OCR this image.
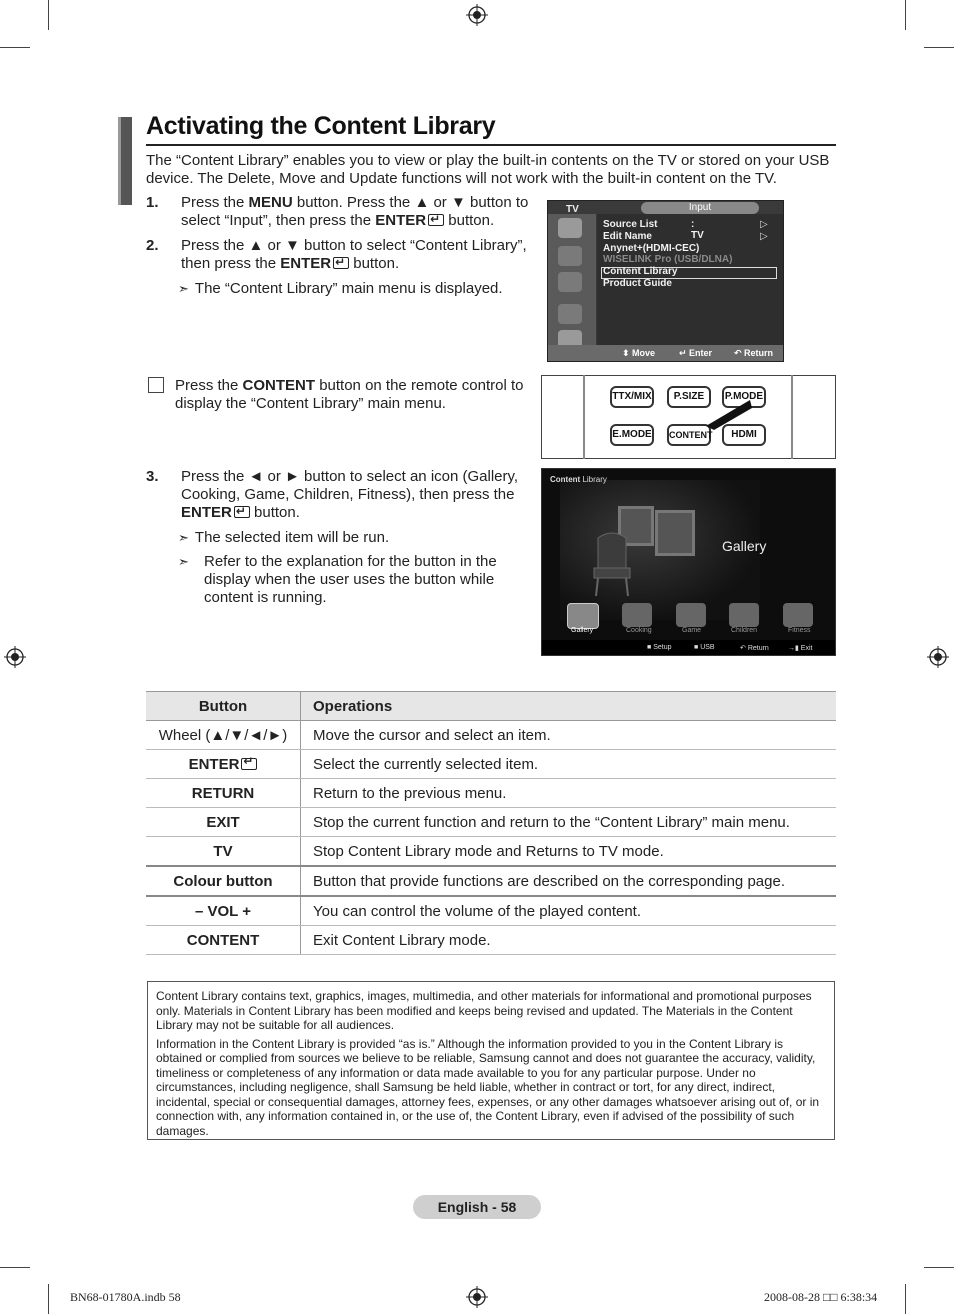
Activating the Content Library
The “Content Library” enables you to view or play the built-in contents on the TV or stored on your USB device. The Delete, Move and Update functions will not work with the built-in content on the TV.
1. Press the MENU button. Press the ▲ or ▼ button to
select “Input”, then press the ENTER↵ button.
2. Press the ▲ or ▼ button to select “Content Library”,
then press the ENTER↵ button.
➣ The “Content Library” main menu is displayed.
TV	Input
Source List	: TV
▷
Edit Name	▷
Anynet+(HDMI-CEC)
WISELINK Pro (USB/DLNA)
Content Library
Product Guide
⬍ Move	↵ Enter ↶ Return
Press the CONTENT button on the remote control to
display the “Content Library” main menu.	TTX/MIX	P.SIZE	P.MODE
E.MODE CONTENT	HDMI
3. Press the ◄ or ► button to select an icon (Gallery,
Cooking, Game, Children, Fitness), then press the
ENTER↵ button.
➣ The selected item will be run.
➣	Refer to the explanation for the button in the
display when the user uses the button while
content is running.
Content Library
Gallery
Gallery	Cooking	Game	Children	Fitness
■ Setup	■ USB	↶ Return	→▮ Exit
Button	Operations
Wheel (▲/▼/◄/►)	Move the cursor and select an item.
ENTER↵	Select the currently selected item.
RETURN	Return to the previous menu.
EXIT	Stop the current function and return to the “Content Library” main menu.
TV	Stop Content Library mode and Returns to TV mode.
Colour button	Button that provide functions are described on the corresponding page.
– VOL +	You can control the volume of the played content.
CONTENT	Exit Content Library mode.

Content Library contains text, graphics, images, multimedia, and other materials for informational and promotional purposes only. Materials in Content Library has been modified and keeps being revised and updated. The Materials in the Content Library may not be suitable for all audiences.

Information in the Content Library is provided “as is.” Although the information provided to you in the Content Library is obtained or complied from sources we believe to be reliable, Samsung cannot and does not guarantee the accuracy, validity, timeliness or completeness of any information or data made available to you for any particular purpose. Under no circumstances, including negligence, shall Samsung be held liable, whether in contract or tort, for any direct, indirect, incidental, special or consequential damages, attorney fees, expenses, or any other damages whatsoever arising out of, or in connection with, any information contained in, or the use of, the Content Library, even if advised of the possibility of such damages.

English - 58
BN68-01780A.indb 58	2008-08-28 □□ 6:38:34
